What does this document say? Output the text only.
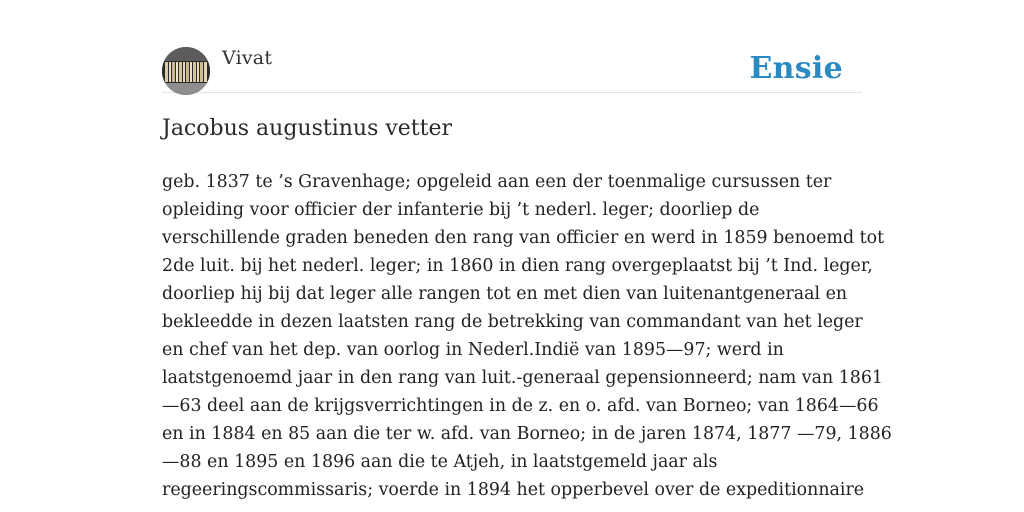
Vivat	Ensie
Jacobus augustinus vetter
geb. 1837 te ’s Gravenhage; opgeleid aan een der toenmalige cursussen ter
opleiding voor officier der infanterie bij ’t nederl. leger; doorliep de
verschillende graden beneden den rang van officier en werd in 1859 benoemd tot
2de luit. bij het nederl. leger; in 1860 in dien rang overgeplaatst bij ’t Ind. leger,
doorliep hij bij dat leger alle rangen tot en met dien van luitenantgeneraal en
bekleedde in dezen laatsten rang de betrekking van commandant van het leger
en chef van het dep. van oorlog in Nederl.Indië van 1895—97; werd in
laatstgenoemd jaar in den rang van luit.-generaal gepensionneerd; nam van 1861
—63 deel aan de krijgsverrichtingen in de z. en o. afd. van Borneo; van 1864—66
en in 1884 en 85 aan die ter w. afd. van Borneo; in de jaren 1874, 1877 —79, 1886
—88 en 1895 en 1896 aan die te Atjeh, in laatstgemeld jaar als
regeeringscommissaris; voerde in 1894 het opperbevel over de expeditionnaire
